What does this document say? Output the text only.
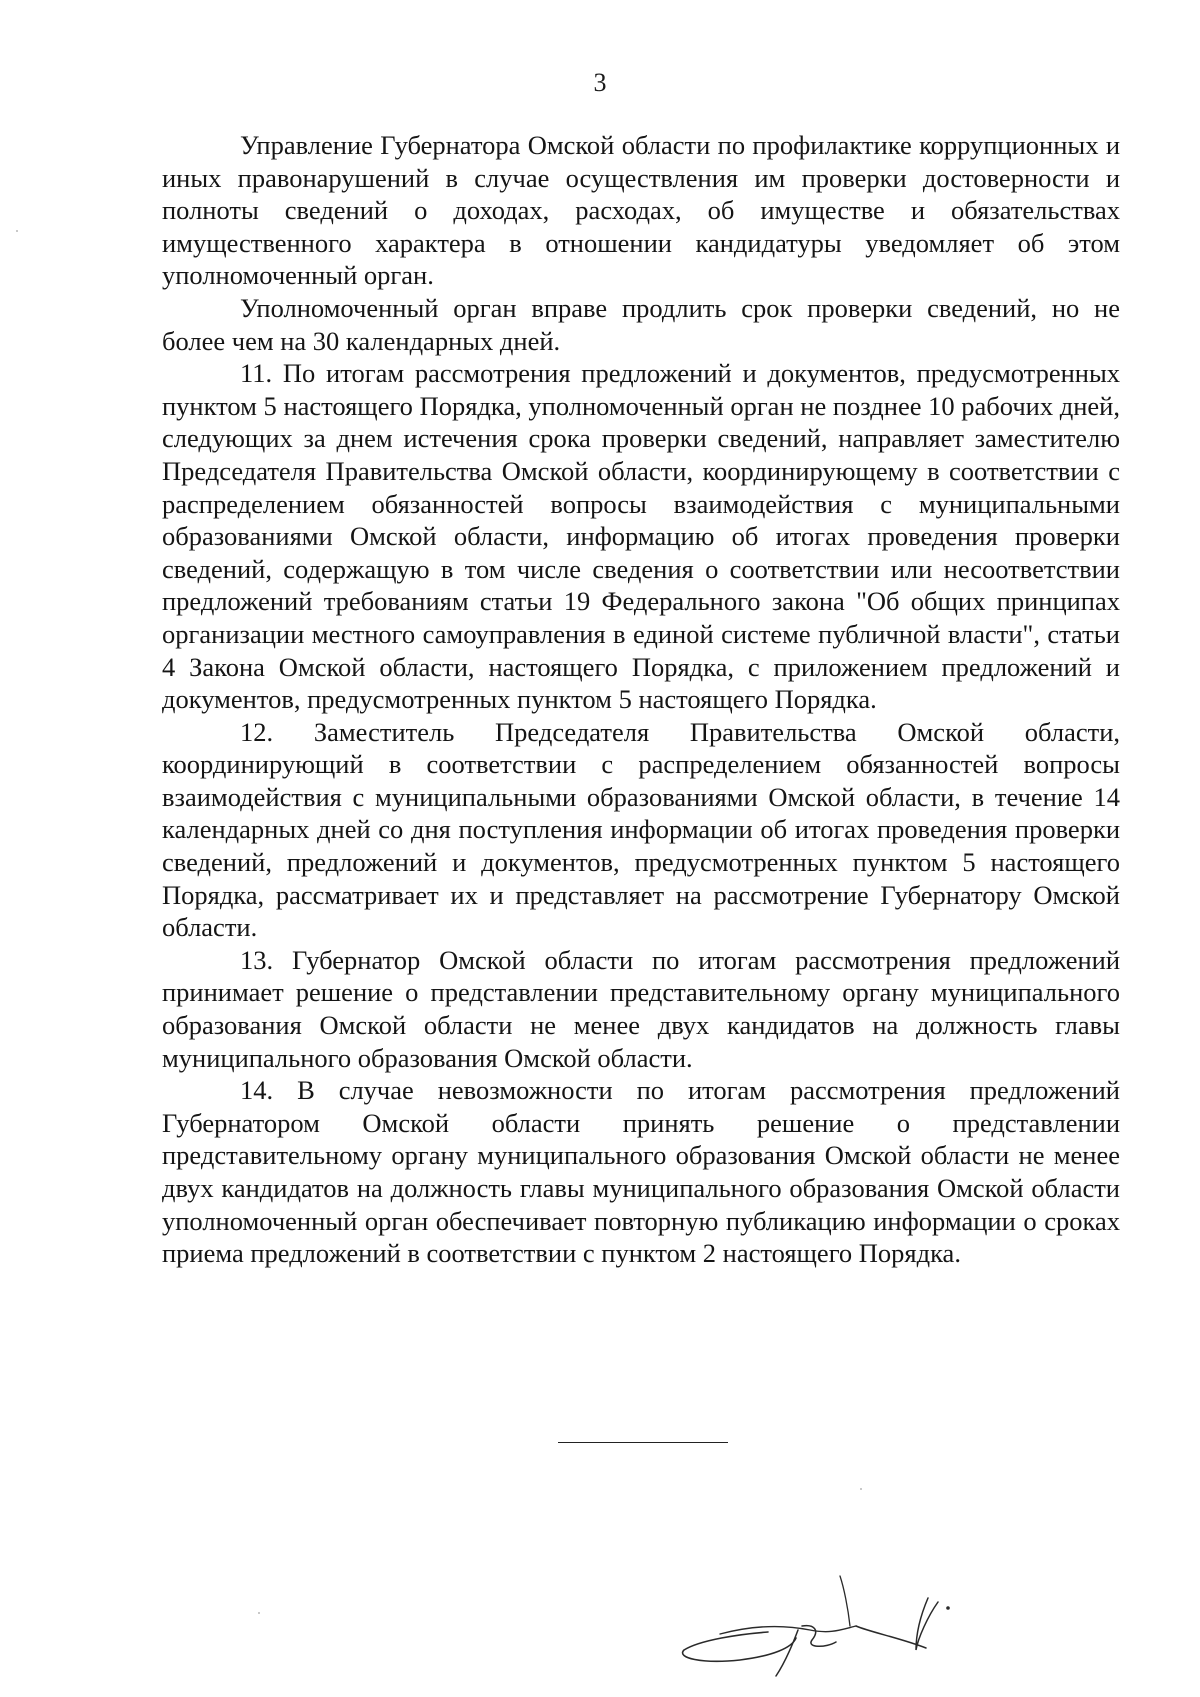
3

Управление Губернатора Омской области по профилактике коррупционных и иных правонарушений в случае осуществления им проверки достоверности и полноты сведений о доходах, расходах, об имуществе и обязательствах имущественного характера в отношении кандидатуры уведомляет об этом уполномоченный орган.

Уполномоченный орган вправе продлить срок проверки сведений, но не более чем на 30 календарных дней.

11. По итогам рассмотрения предложений и документов, предусмотренных пунктом 5 настоящего Порядка, уполномоченный орган не позднее 10 рабочих дней, следующих за днем истечения срока проверки сведений, направляет заместителю Председателя Правительства Омской области, координирующему в соответствии с распределением обязанностей вопросы взаимодействия с муниципальными образованиями Омской области, информацию об итогах проведения проверки сведений, содержащую в том числе сведения о соответствии или несоответствии предложений требованиям статьи 19 Федерального закона "Об общих принципах организации местного самоуправления в единой системе публичной власти", статьи 4 Закона Омской области, настоящего Порядка, с приложением предложений и документов, предусмотренных пунктом 5 настоящего Порядка.

12. Заместитель Председателя Правительства Омской области, координирующий в соответствии с распределением обязанностей вопросы взаимодействия с муниципальными образованиями Омской области, в течение 14 календарных дней со дня поступления информации об итогах проведения проверки сведений, предложений и документов, предусмотренных пунктом 5 настоящего Порядка, рассматривает их и представляет на рассмотрение Губернатору Омской области.

13. Губернатор Омской области по итогам рассмотрения предложений принимает решение о представлении представительному органу муниципального образования Омской области не менее двух кандидатов на должность главы муниципального образования Омской области.

14. В случае невозможности по итогам рассмотрения предложений Губернатором Омской области принять решение о представлении представительному органу муниципального образования Омской области не менее двух кандидатов на должность главы муниципального образования Омской области уполномоченный орган обеспечивает повторную публикацию информации о сроках приема предложений в соответствии с пунктом 2 настоящего Порядка.
